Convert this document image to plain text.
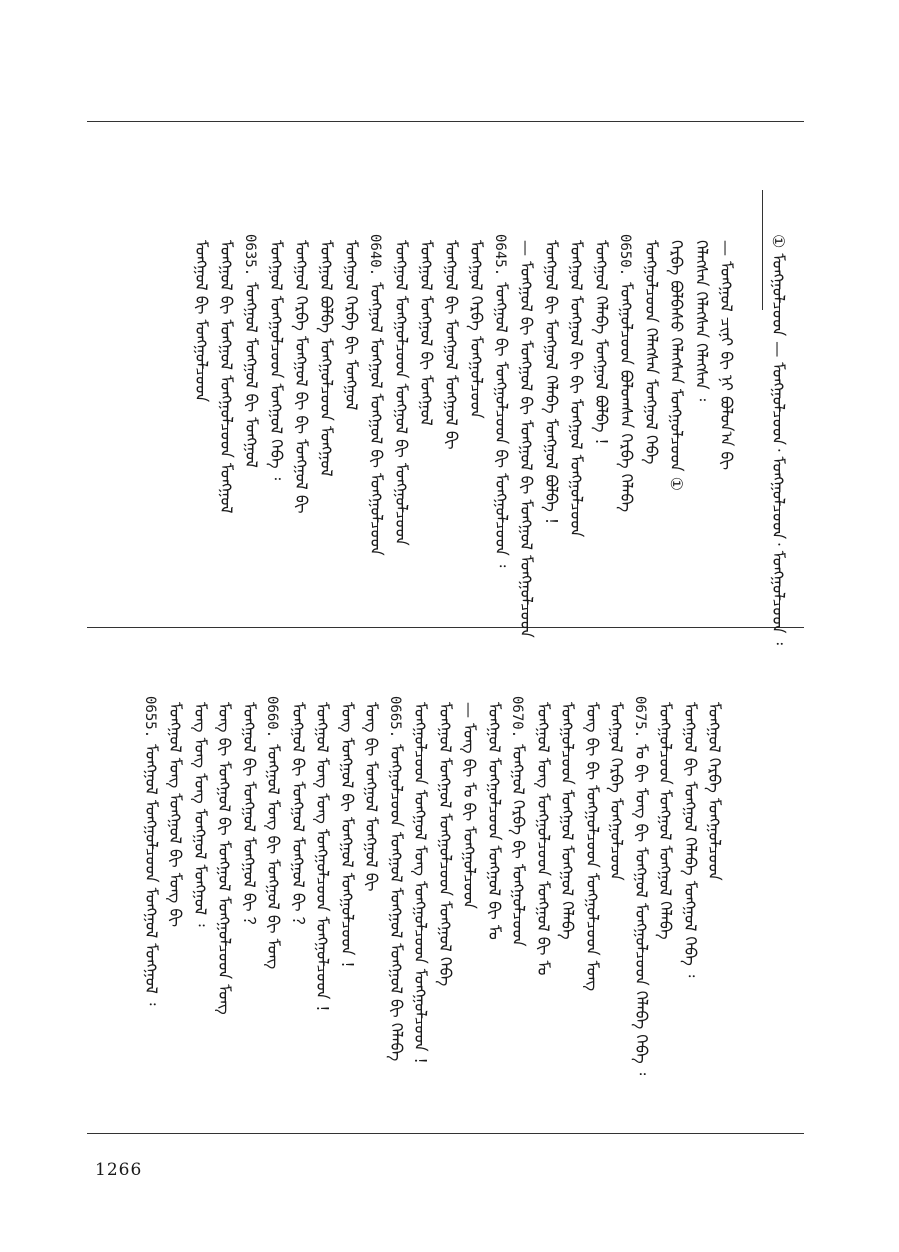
① ᠮᠣᠩᠭᠤᠯᠴᠤᠳ — ᠮᠣᠩᠭᠤᠯᠴᠤᠳ᠂ ᠮᠣᠩᠭᠤᠯᠴᠤᠳ᠂ ᠮᠣᠩᠭᠤᠯᠴᠤᠳ ᠄
— ᠮᠣᠩᠭᠤᠯ ᠴᠢᠨᠢ ᠪᠢ ᠨᠢ ᠪᠣᠯᠤᠨ᠎ᠠ ᠪᠢ
ᠬᠡᠯᠡᠭᠰᠡᠨ ᠬᠡᠯᠡᠭᠰᠡᠨ ᠬᠡᠯᠡᠭᠰᠡᠨ ᠄
ᠬᠡᠷᠪᠡ ᠪᠣᠯᠪᠠᠰᠤ ᠬᠡᠯᠡᠭᠰᠡᠨ ᠮᠣᠩᠭᠤᠯᠴᠤᠳ ①
ᠮᠣᠩᠭᠤᠯᠴᠤᠳ ᠬᠡᠯᠡᠭᠰᠡᠨ ᠮᠣᠩᠭᠤᠯ ᠭᠡᠪᠡ
0650.ᠮᠣᠩᠭᠤᠯᠴᠤᠳ ᠪᠣᠯᠤᠭᠰᠠᠨ ᠬᠡᠷᠪᠡ ᠬᠡᠯᠡᠪᠡ
ᠮᠣᠩᠭᠤᠯ ᠬᠡᠯᠡᠪᠡ ᠮᠣᠩᠭᠤᠯ ᠪᠣᠯᠪᠠ ！
ᠮᠣᠩᠭᠤᠯ ᠮᠣᠩᠭᠤᠯ ᠪᠢ ᠪᠢ ᠮᠣᠩᠭᠤᠯ ᠮᠣᠩᠭᠤᠯᠴᠤᠳ
ᠮᠣᠩᠭᠤᠯ ᠪᠢ ᠮᠣᠩᠭᠤᠯ ᠬᠡᠯᠡᠪᠡ ᠮᠣᠩᠭᠤᠯ ᠪᠣᠯᠪᠠ ！
— ᠮᠣᠩᠭᠤᠯ ᠪᠢ ᠮᠣᠩᠭᠤᠯ ᠪᠢ ᠮᠣᠩᠭᠤᠯ ᠪᠢ ᠮᠣᠩᠭᠤᠯ ᠮᠣᠩᠭᠤᠯᠴᠤᠳ
0645.ᠮᠣᠩᠭᠤᠯ ᠪᠢ ᠮᠣᠩᠭᠤᠯᠴᠤᠳ ᠪᠢ ᠮᠣᠩᠭᠤᠯᠴᠤᠳ ᠄
ᠮᠣᠩᠭᠤᠯ ᠬᠡᠷᠪᠡ ᠮᠣᠩᠭᠤᠯᠴᠤᠳ
ᠮᠣᠩᠭᠤᠯ ᠪᠢ ᠮᠣᠩᠭᠤᠯ ᠮᠣᠩᠭᠤᠯ ᠪᠢ
ᠮᠣᠩᠭᠤᠯ ᠮᠣᠩᠭᠤᠯ ᠪᠢ ᠮᠣᠩᠭᠤᠯ
ᠮᠣᠩᠭᠤᠯ ᠮᠣᠩᠭᠤᠯᠴᠤᠳ ᠮᠣᠩᠭᠤᠯ ᠪᠢ ᠮᠣᠩᠭᠤᠯᠴᠤᠳ
0640.ᠮᠣᠩᠭᠤᠯ ᠮᠣᠩᠭᠤᠯ ᠮᠣᠩᠭᠤᠯ ᠪᠢ ᠮᠣᠩᠭᠤᠯᠴᠤᠳ
ᠮᠣᠩᠭᠤᠯ ᠬᠡᠷᠪᠡ ᠪᠢ ᠮᠣᠩᠭᠤᠯ
ᠮᠣᠩᠭᠤᠯ ᠪᠣᠯᠪᠠ ᠮᠣᠩᠭᠤᠯᠴᠤᠳ ᠮᠣᠩᠭᠤᠯ
ᠮᠣᠩᠭᠤᠯ ᠬᠡᠷᠪᠡ ᠮᠣᠩᠭᠤᠯ ᠪᠢ ᠪᠢ ᠮᠣᠩᠭᠤᠯ ᠪᠢ
ᠮᠣᠩᠭᠤᠯ ᠮᠣᠩᠭᠤᠯᠴᠤᠳ ᠮᠣᠩᠭᠤᠯ ᠭᠡᠪᠡ ᠄
0635.ᠮᠣᠩᠭᠤᠯ ᠮᠣᠩᠭᠤᠯ ᠪᠢ ᠮᠣᠩᠭᠤᠯ
ᠮᠣᠩᠭᠤᠯ ᠪᠢ ᠮᠣᠩᠭᠤᠯ ᠮᠣᠩᠭᠤᠯᠴᠤᠳ ᠮᠣᠩᠭᠤᠯ
ᠮᠣᠩᠭᠤᠯ ᠪᠢ ᠮᠣᠩᠭᠤᠯᠴᠤᠳ
ᠮᠣᠩᠭᠤᠯ ᠬᠡᠷᠪᠡ ᠮᠣᠩᠭᠤᠯᠴᠤᠳ
ᠮᠣᠩᠭᠤᠯ ᠪᠢ ᠮᠣᠩᠭᠤᠯ ᠬᠡᠯᠡᠪᠡ ᠮᠣᠩᠭᠤᠯ ᠭᠡᠪᠡ ᠄
ᠮᠣᠩᠭᠤᠯᠴᠤᠳ ᠮᠣᠩᠭᠤᠯ ᠮᠣᠩᠭᠤᠯ ᠬᠡᠯᠡᠪᠡ
0675.ᠮᠣ ᠪᠢ ᠮᠣᠩ ᠪᠢ ᠮᠣᠩᠭᠤᠯ ᠮᠣᠩᠭᠤᠯᠴᠤᠳ ᠬᠡᠯᠡᠪᠡ ᠭᠡᠪᠡ ᠄
ᠮᠣᠩᠭᠤᠯ ᠬᠡᠷᠪᠡ ᠮᠣᠩᠭᠤᠯᠴᠤᠳ
ᠮᠣᠩ ᠪᠢ ᠪᠢ ᠮᠣᠩᠭᠤᠯᠴᠤᠳ ᠮᠣᠩᠭᠤᠯᠴᠤᠳ ᠮᠣᠩ
ᠮᠣᠩᠭᠤᠯᠴᠤᠳ ᠮᠣᠩᠭᠤᠯ ᠮᠣᠩᠭᠤᠯ ᠬᠡᠯᠡᠪᠡ
ᠮᠣᠩᠭᠤᠯ ᠮᠣᠩ ᠮᠣᠩᠭᠤᠯᠴᠤᠳ ᠮᠣᠩᠭᠤᠯ ᠪᠢ ᠮᠣ
0670.ᠮᠣᠩᠭᠤᠯ ᠬᠡᠷᠪᠡ ᠪᠢ ᠮᠣᠩᠭᠤᠯᠴᠤᠳ
ᠮᠣᠩᠭᠤᠯ ᠮᠣᠩᠭᠤᠯᠴᠤᠳ ᠮᠣᠩᠭᠤᠯ ᠪᠢ ᠮᠣ
— ᠮᠣᠩ ᠪᠢ ᠮᠣ ᠪᠢ ᠮᠣᠩᠭᠤᠯᠴᠤᠳ
ᠮᠣᠩᠭᠤᠯ ᠮᠣᠩᠭᠤᠯ ᠮᠣᠩᠭᠤᠯᠴᠤᠳ ᠮᠣᠩᠭᠤᠯ ᠭᠡᠪᠡ
ᠮᠣᠩᠭᠤᠯᠴᠤᠳ ᠮᠣᠩᠭᠤᠯ ᠮᠣᠩ ᠮᠣᠩᠭᠤᠯᠴᠤᠳ ᠮᠣᠩᠭᠤᠯᠴᠤᠳ ！
0665.ᠮᠣᠩᠭᠤᠯᠴᠤᠳ ᠮᠣᠩᠭᠤᠯ ᠮᠣᠩᠭᠤᠯ ᠮᠣᠩᠭᠤᠯ ᠪᠢ ᠬᠡᠯᠡᠪᠡ
ᠮᠣᠩ ᠪᠢ ᠮᠣᠩᠭᠤᠯ ᠮᠣᠩᠭᠤᠯ ᠪᠢ
ᠮᠣᠩ ᠮᠣᠩᠭᠤᠯ ᠪᠢ ᠮᠣᠩᠭᠤᠯ ᠮᠣᠩᠭᠤᠯᠴᠤᠳ ！
ᠮᠣᠩᠭᠤᠯ ᠮᠣᠩ ᠮᠣᠩ ᠮᠣᠩᠭᠤᠯᠴᠤᠳ ᠮᠣᠩᠭᠤᠯᠴᠤᠳ ！
ᠮᠣᠩᠭᠤᠯ ᠪᠢ ᠮᠣᠩᠭᠤᠯ ᠮᠣᠩᠭᠤᠯ ᠪᠢ ？
0660.ᠮᠣᠩᠭᠤᠯ ᠮᠣᠩ ᠪᠢ ᠮᠣᠩᠭᠤᠯ ᠪᠢ ᠮᠣᠩ
ᠮᠣᠩᠭᠤᠯ ᠪᠢ ᠮᠣᠩᠭᠤᠯ ᠮᠣᠩᠭᠤᠯ ᠪᠢ ？
ᠮᠣᠩ ᠪᠢ ᠮᠣᠩᠭᠤᠯ ᠪᠢ ᠮᠣᠩᠭᠤᠯ ᠮᠣᠩᠭᠤᠯᠴᠤᠳ ᠮᠣᠩ
ᠮᠣᠩ ᠮᠣᠩ ᠮᠣᠩ ᠮᠣᠩᠭᠤᠯ ᠮᠣᠩᠭᠤᠯ ᠄
ᠮᠣᠩᠭᠤᠯ ᠮᠣᠩ ᠮᠣᠩᠭᠤᠯ ᠪᠢ ᠮᠣᠩ ᠪᠢ
0655.ᠮᠣᠩᠭᠤᠯ ᠮᠣᠩᠭᠤᠯᠴᠤᠳ ᠮᠣᠩᠭᠤᠯ ᠮᠣᠩᠭᠤᠯ ᠄
1266
